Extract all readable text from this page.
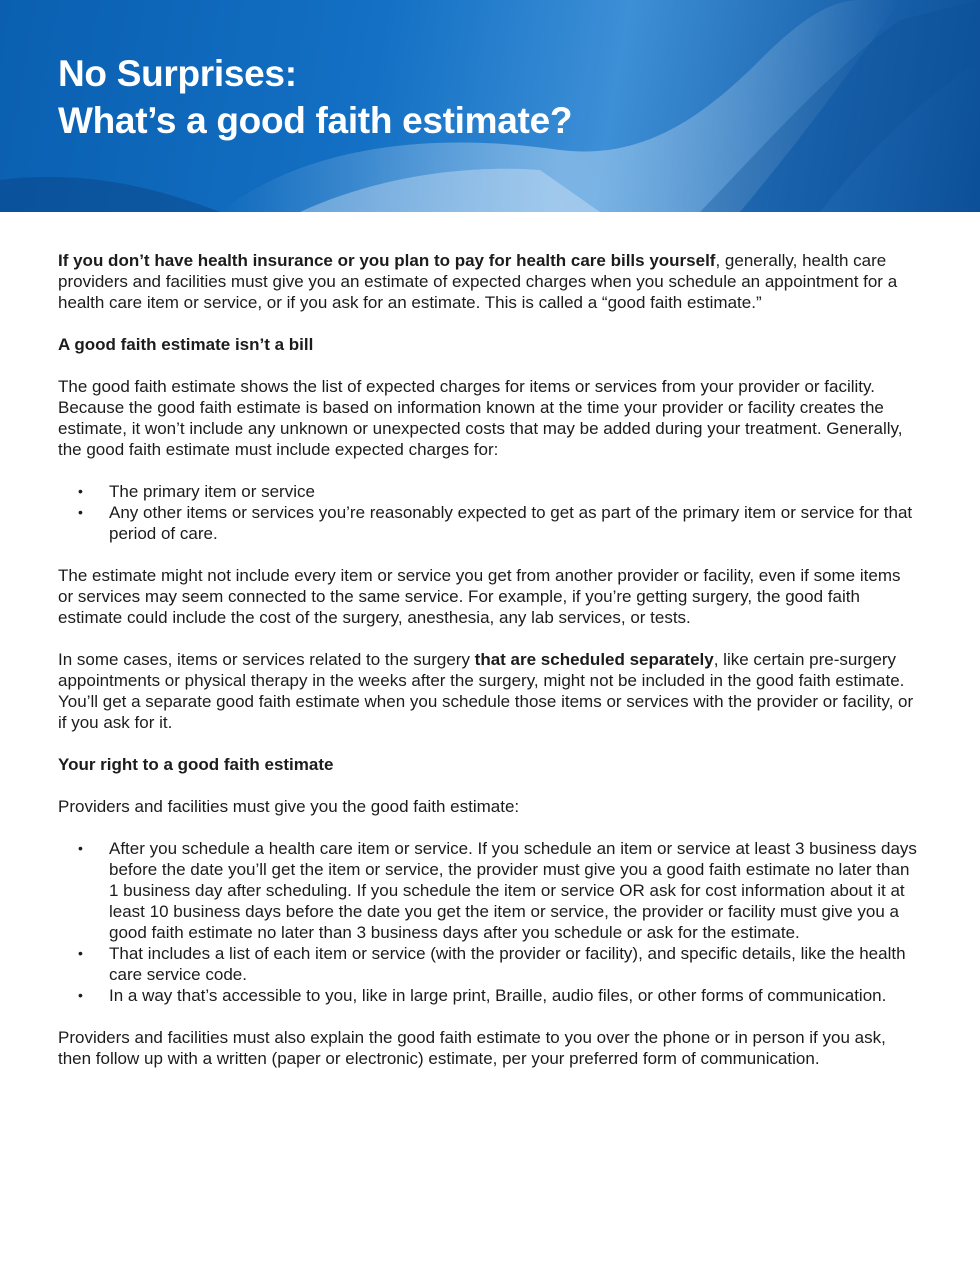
No Surprises:
What’s a good faith estimate?

If you don’t have health insurance or you plan to pay for health care bills yourself, generally, health care providers and facilities must give you an estimate of expected charges when you schedule an appointment for a health care item or service, or if you ask for an estimate. This is called a “good faith estimate.”

A good faith estimate isn’t a bill

The good faith estimate shows the list of expected charges for items or services from your provider or facility. Because the good faith estimate is based on information known at the time your provider or facility creates the estimate, it won’t include any unknown or unexpected costs that may be added during your treatment. Generally, the good faith estimate must include expected charges for:

• The primary item or service
• Any other items or services you’re reasonably expected to get as part of the primary item or service for that period of care.

The estimate might not include every item or service you get from another provider or facility, even if some items or services may seem connected to the same service. For example, if you’re getting surgery, the good faith estimate could include the cost of the surgery, anesthesia, any lab services, or tests.

In some cases, items or services related to the surgery that are scheduled separately, like certain pre-surgery appointments or physical therapy in the weeks after the surgery, might not be included in the good faith estimate. You’ll get a separate good faith estimate when you schedule those items or services with the provider or facility, or if you ask for it.

Your right to a good faith estimate

Providers and facilities must give you the good faith estimate:

• After you schedule a health care item or service. If you schedule an item or service at least 3 business days before the date you’ll get the item or service, the provider must give you a good faith estimate no later than 1 business day after scheduling. If you schedule the item or service OR ask for cost information about it at least 10 business days before the date you get the item or service, the provider or facility must give you a good faith estimate no later than 3 business days after you schedule or ask for the estimate.
• That includes a list of each item or service (with the provider or facility), and specific details, like the health care service code.
• In a way that’s accessible to you, like in large print, Braille, audio files, or other forms of communication.

Providers and facilities must also explain the good faith estimate to you over the phone or in person if you ask, then follow up with a written (paper or electronic) estimate, per your preferred form of communication.
